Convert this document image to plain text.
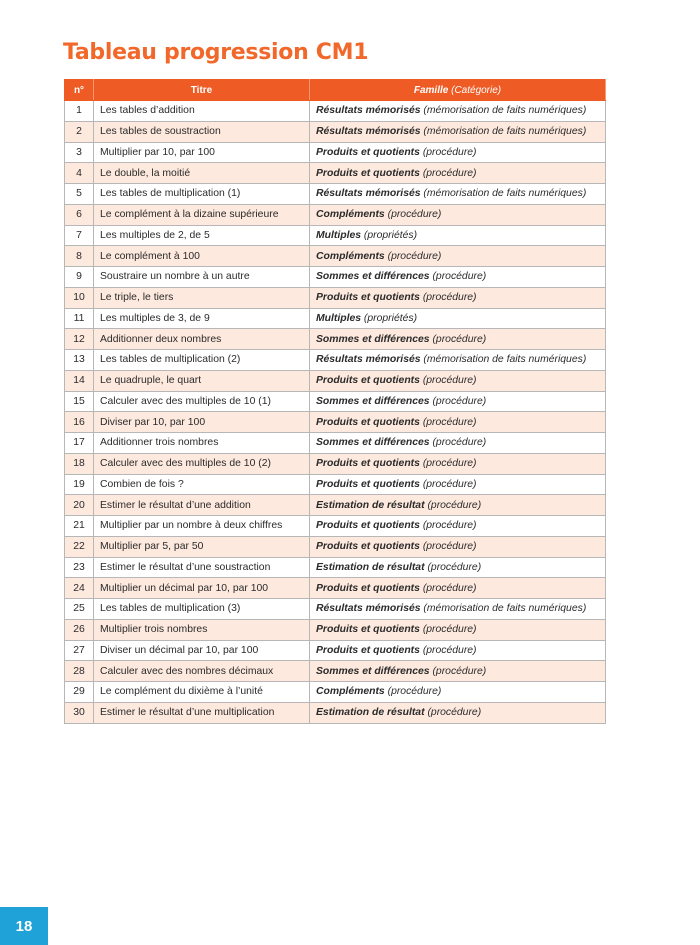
Tableau progression CM1
n°	Titre	Famille (Catégorie)
1	Les tables d’addition	Résultats mémorisés (mémorisation de faits numériques)
2	Les tables de soustraction	Résultats mémorisés (mémorisation de faits numériques)
3	Multiplier par 10, par 100	Produits et quotients (procédure)
4	Le double, la moitié	Produits et quotients (procédure)
5	Les tables de multiplication (1)	Résultats mémorisés (mémorisation de faits numériques)
6	Le complément à la dizaine supérieure	Compléments (procédure)
7	Les multiples de 2, de 5	Multiples (propriétés)
8	Le complément à 100	Compléments (procédure)
9	Soustraire un nombre à un autre	Sommes et différences (procédure)
10	Le triple, le tiers	Produits et quotients (procédure)
11	Les multiples de 3, de 9	Multiples (propriétés)
12	Additionner deux nombres	Sommes et différences (procédure)
13	Les tables de multiplication (2)	Résultats mémorisés (mémorisation de faits numériques)
14	Le quadruple, le quart	Produits et quotients (procédure)
15	Calculer avec des multiples de 10 (1)	Sommes et différences (procédure)
16	Diviser par 10, par 100	Produits et quotients (procédure)
17	Additionner trois nombres	Sommes et différences (procédure)
18	Calculer avec des multiples de 10 (2)	Produits et quotients (procédure)
19	Combien de fois ?	Produits et quotients (procédure)
20	Estimer le résultat d’une addition	Estimation de résultat (procédure)
21	Multiplier par un nombre à deux chiffres	Produits et quotients (procédure)
22	Multiplier par 5, par 50	Produits et quotients (procédure)
23	Estimer le résultat d’une soustraction	Estimation de résultat (procédure)
24	Multiplier un décimal par 10, par 100	Produits et quotients (procédure)
25	Les tables de multiplication (3)	Résultats mémorisés (mémorisation de faits numériques)
26	Multiplier trois nombres	Produits et quotients (procédure)
27	Diviser un décimal par 10, par 100	Produits et quotients (procédure)
28	Calculer avec des nombres décimaux	Sommes et différences (procédure)
29	Le complément du dixième à l’unité	Compléments (procédure)
30	Estimer le résultat d’une multiplication	Estimation de résultat (procédure)
18
